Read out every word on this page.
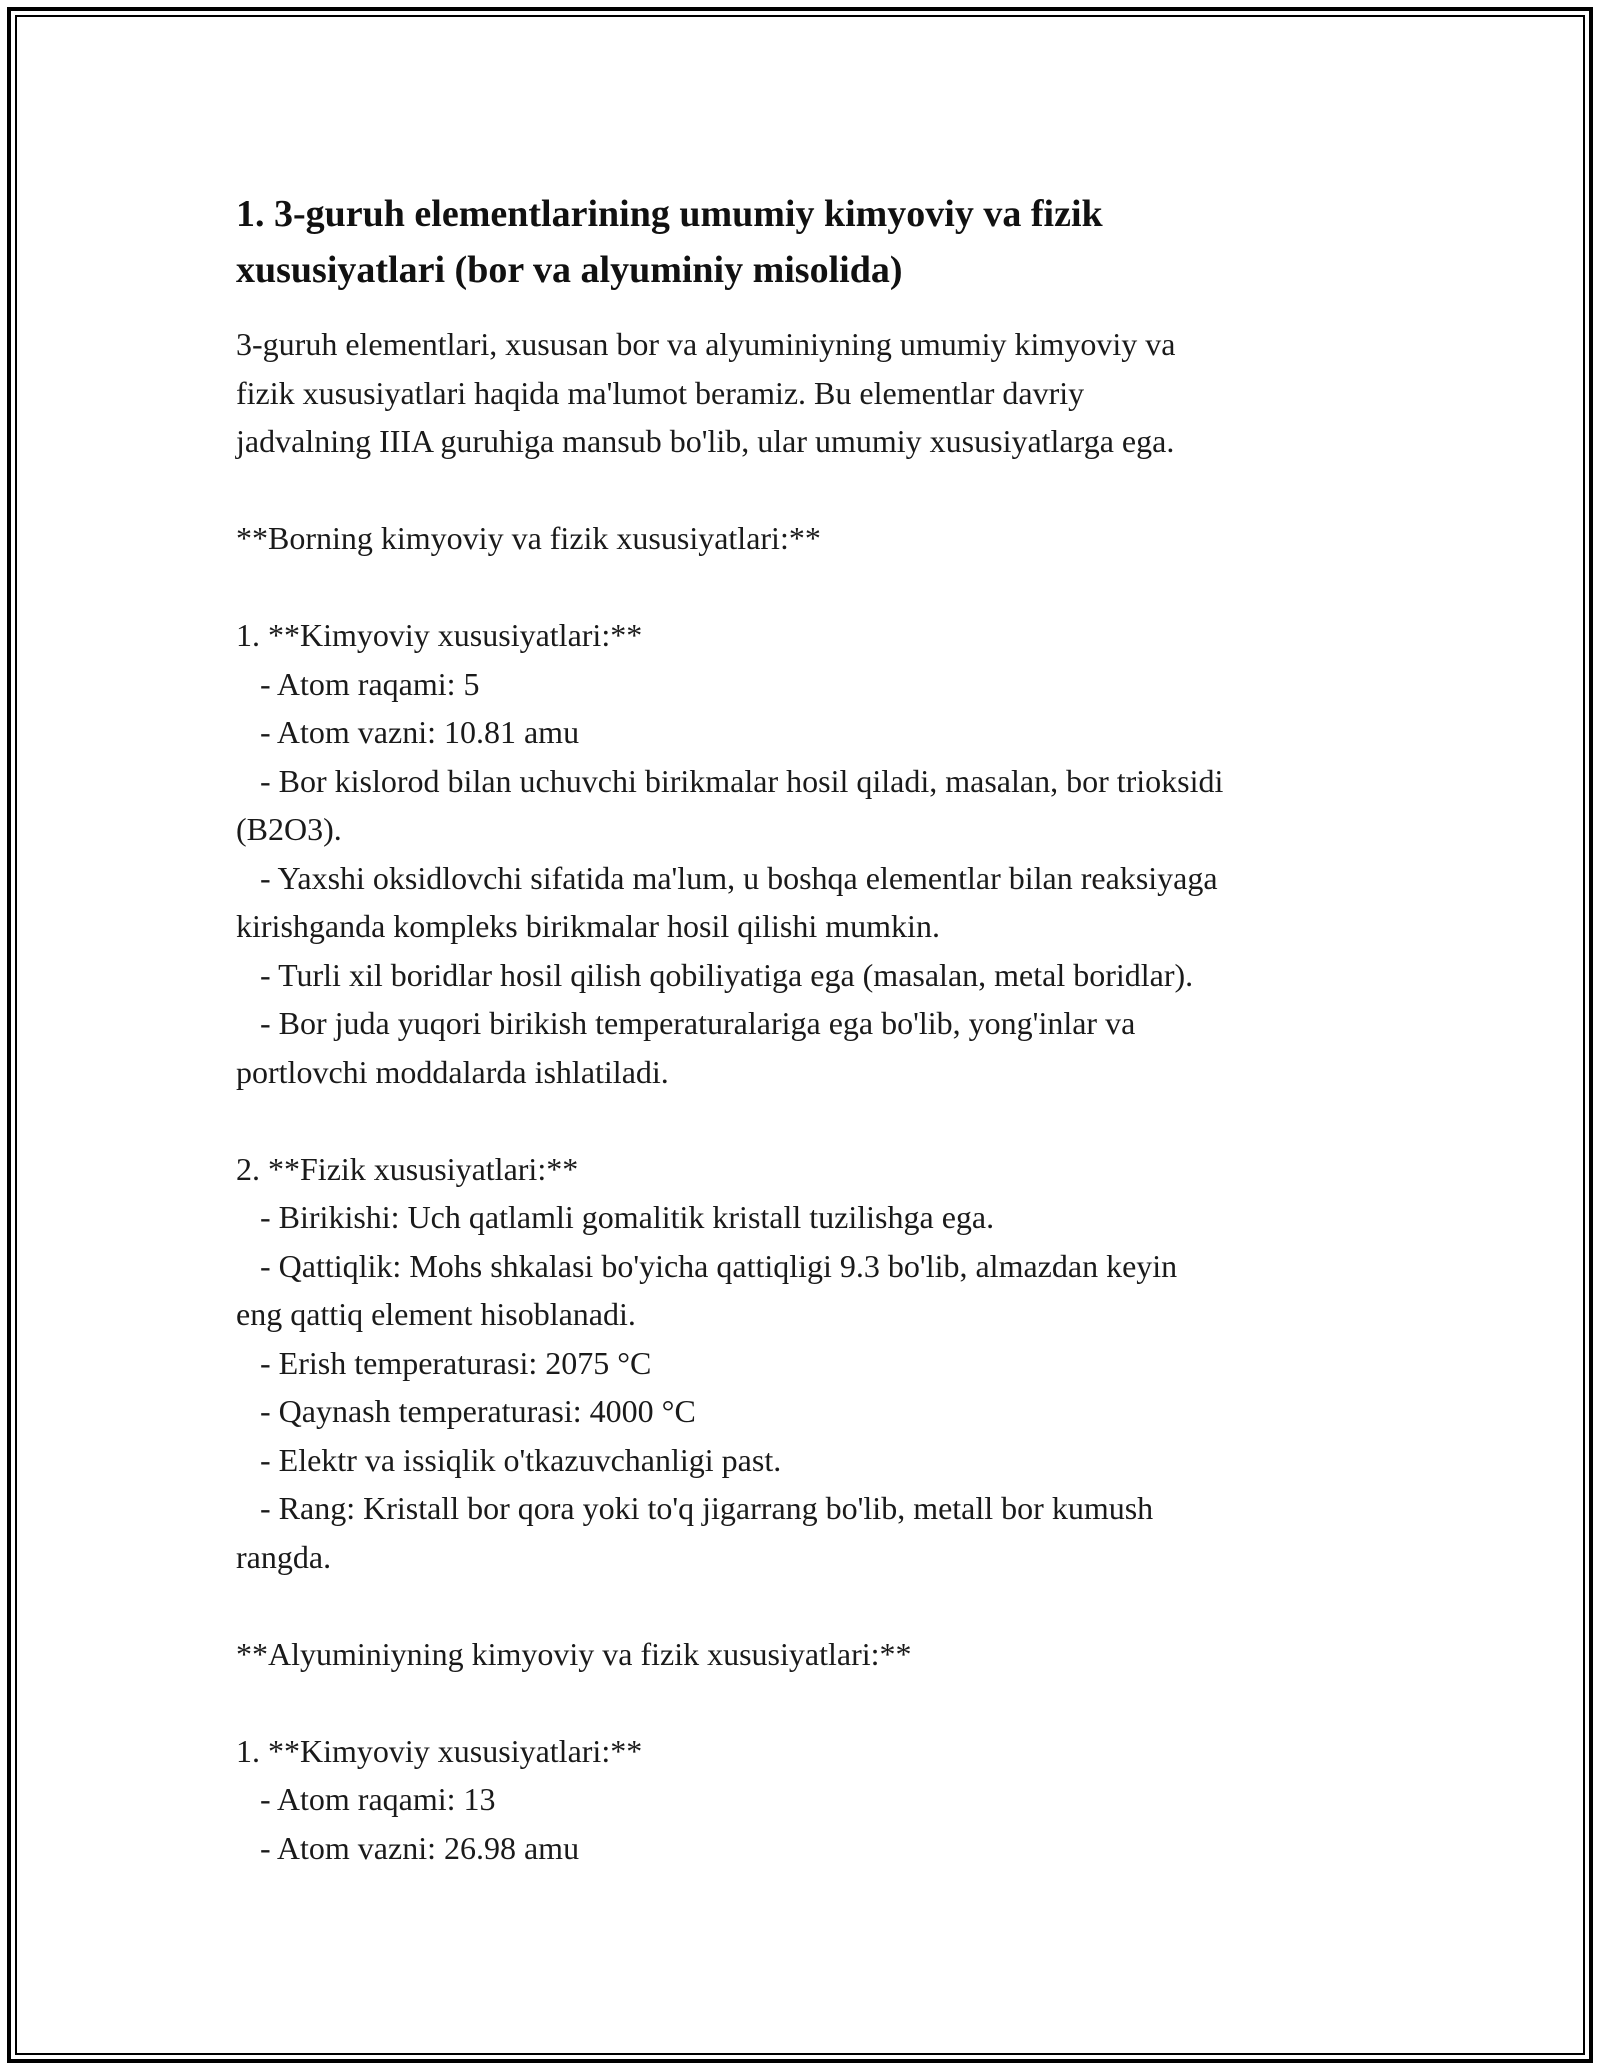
1. 3-guruh elementlarining umumiy kimyoviy va fizik
xususiyatlari (bor va alyuminiy misolida)
3-guruh elementlari, xususan bor va alyuminiyning umumiy kimyoviy va
fizik xususiyatlari haqida ma'lumot beramiz. Bu elementlar davriy
jadvalning IIIA guruhiga mansub bo'lib, ular umumiy xususiyatlarga ega.
**Borning kimyoviy va fizik xususiyatlari:**
1. **Kimyoviy xususiyatlari:**
- Atom raqami: 5
- Atom vazni: 10.81 amu
- Bor kislorod bilan uchuvchi birikmalar hosil qiladi, masalan, bor trioksidi
(B2O3).
- Yaxshi oksidlovchi sifatida ma'lum, u boshqa elementlar bilan reaksiyaga
kirishganda kompleks birikmalar hosil qilishi mumkin.
- Turli xil boridlar hosil qilish qobiliyatiga ega (masalan, metal boridlar).
- Bor juda yuqori birikish temperaturalariga ega bo'lib, yong'inlar va
portlovchi moddalarda ishlatiladi.
2. **Fizik xususiyatlari:**
- Birikishi: Uch qatlamli gomalitik kristall tuzilishga ega.
- Qattiqlik: Mohs shkalasi bo'yicha qattiqligi 9.3 bo'lib, almazdan keyin
eng qattiq element hisoblanadi.
- Erish temperaturasi: 2075 °C
- Qaynash temperaturasi: 4000 °C
- Elektr va issiqlik o'tkazuvchanligi past.
- Rang: Kristall bor qora yoki to'q jigarrang bo'lib, metall bor kumush
rangda.
**Alyuminiyning kimyoviy va fizik xususiyatlari:**
1. **Kimyoviy xususiyatlari:**
- Atom raqami: 13
- Atom vazni: 26.98 amu
